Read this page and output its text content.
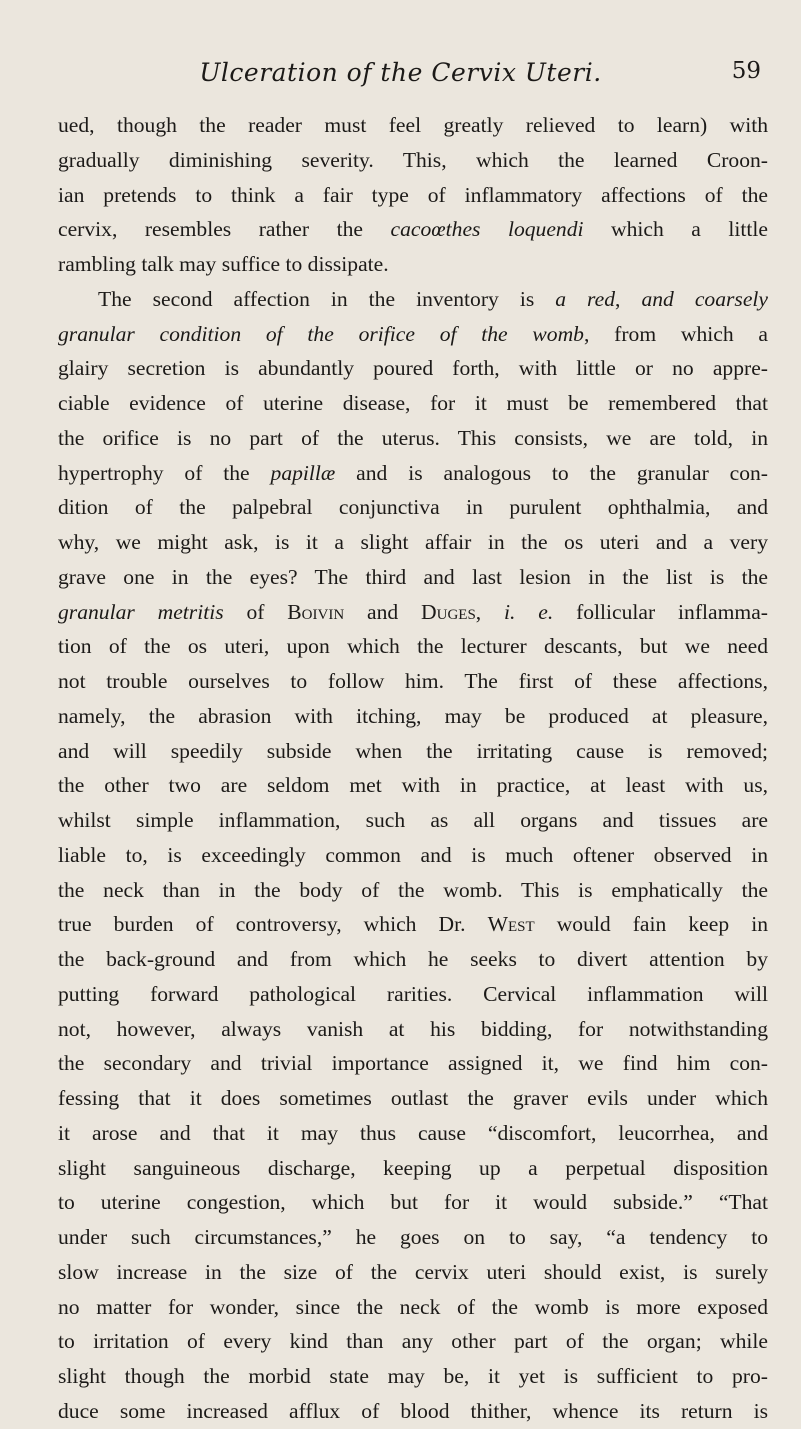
Ulceration of the Cervix Uteri.	59
ued, though the reader must feel greatly relieved to learn) with
gradually diminishing severity. This, which the learned Croon-
ian pretends to think a fair type of inflammatory affections of the
cervix, resembles rather the cacoœthes loquendi which a little
rambling talk may suffice to dissipate.
The second affection in the inventory is a red, and coarsely
granular condition of the orifice of the womb, from which a
glairy secretion is abundantly poured forth, with little or no appre-
ciable evidence of uterine disease, for it must be remembered that
the orifice is no part of the uterus. This consists, we are told, in
hypertrophy of the papillæ and is analogous to the granular con-
dition of the palpebral conjunctiva in purulent ophthalmia, and
why, we might ask, is it a slight affair in the os uteri and a very
grave one in the eyes? The third and last lesion in the list is the
granular metritis of Boivin and Duges, i. e. follicular inflamma-
tion of the os uteri, upon which the lecturer descants, but we need
not trouble ourselves to follow him. The first of these affections,
namely, the abrasion with itching, may be produced at pleasure,
and will speedily subside when the irritating cause is removed;
the other two are seldom met with in practice, at least with us,
whilst simple inflammation, such as all organs and tissues are
liable to, is exceedingly common and is much oftener observed in
the neck than in the body of the womb. This is emphatically the
true burden of controversy, which Dr. West would fain keep in
the back-ground and from which he seeks to divert attention by
putting forward pathological rarities. Cervical inflammation will
not, however, always vanish at his bidding, for notwithstanding
the secondary and trivial importance assigned it, we find him con-
fessing that it does sometimes outlast the graver evils under which
it arose and that it may thus cause “discomfort, leucorrhea, and
slight sanguineous discharge, keeping up a perpetual disposition
to uterine congestion, which but for it would subside.” “That
under such circumstances,” he goes on to say, “a tendency to
slow increase in the size of the cervix uteri should exist, is surely
no matter for wonder, since the neck of the womb is more exposed
to irritation of every kind than any other part of the organ; while
slight though the morbid state may be, it yet is sufficient to pro-
duce some increased afflux of blood thither, whence its return is
